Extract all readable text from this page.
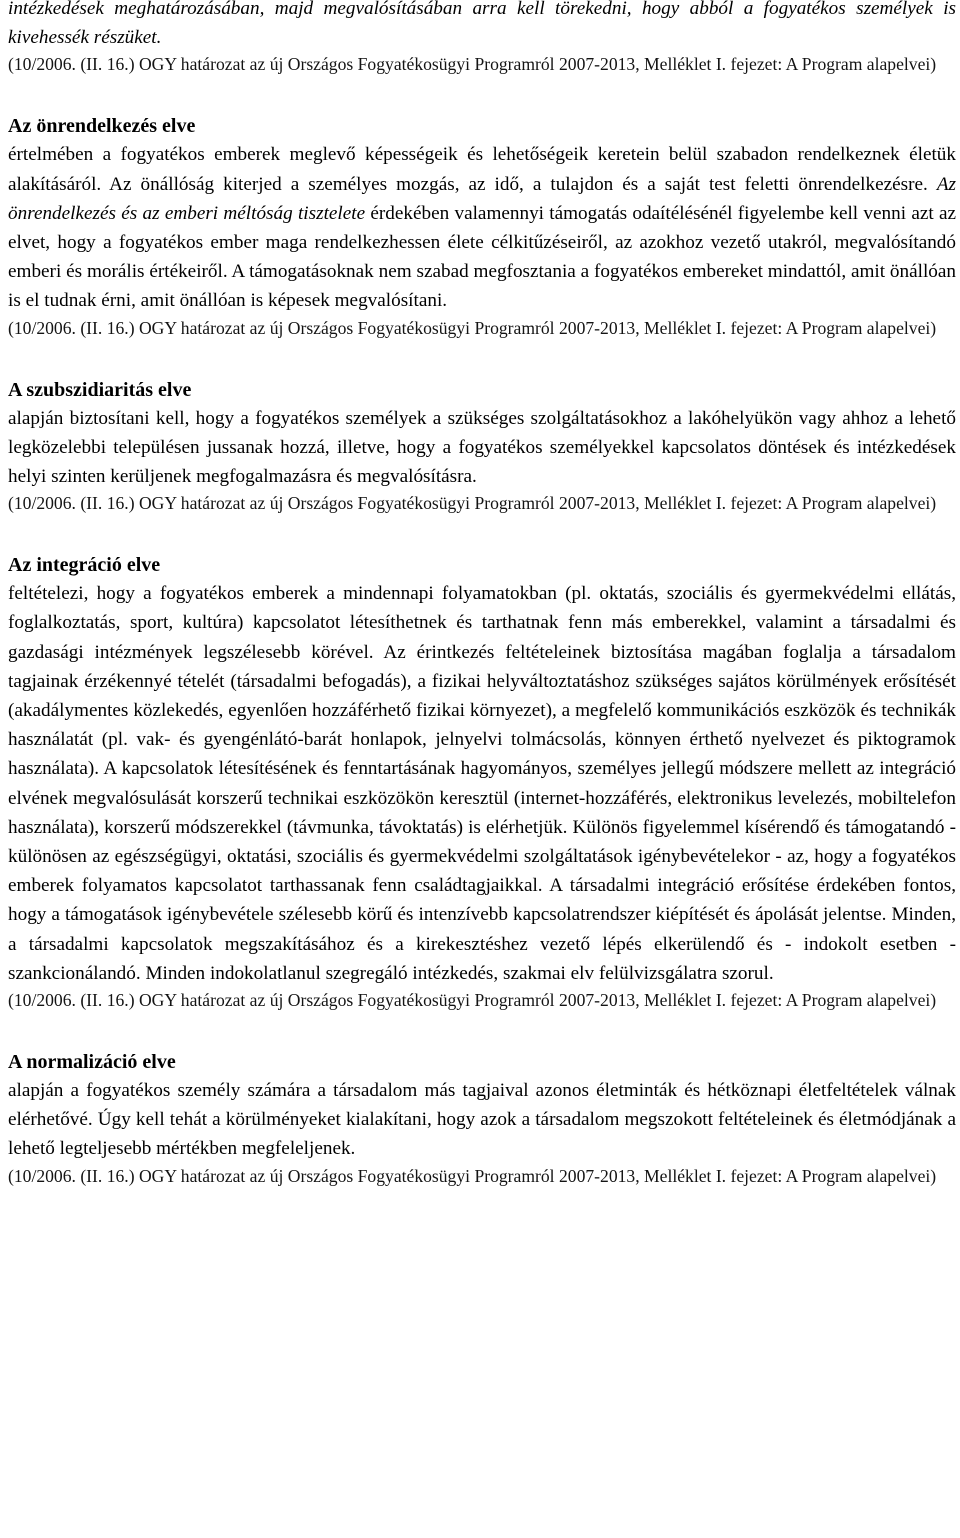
intézkedések meghatározásában, majd megvalósításában arra kell törekedni, hogy abból a fogyatékos személyek is kivehessék részüket.

(10/2006. (II. 16.) OGY határozat az új Országos Fogyatékosügyi Programról 2007-2013, Melléklet I. fejezet: A Program alapelvei)

Az önrendelkezés elve

értelmében a fogyatékos emberek meglevő képességeik és lehetőségeik keretein belül szabadon rendelkeznek életük alakításáról. Az önállóság kiterjed a személyes mozgás, az idő, a tulajdon és a saját test feletti önrendelkezésre. Az önrendelkezés és az emberi méltóság tisztelete érdekében valamennyi támogatás odaítélésénél figyelembe kell venni azt az elvet, hogy a fogyatékos ember maga rendelkezhessen élete célkitűzéseiről, az azokhoz vezető utakról, megvalósítandó emberi és morális értékeiről. A támogatásoknak nem szabad megfosztania a fogyatékos embereket mindattól, amit önállóan is el tudnak érni, amit önállóan is képesek megvalósítani.

(10/2006. (II. 16.) OGY határozat az új Országos Fogyatékosügyi Programról 2007-2013, Melléklet I. fejezet: A Program alapelvei)

A szubszidiaritás elve

alapján biztosítani kell, hogy a fogyatékos személyek a szükséges szolgáltatásokhoz a lakóhelyükön vagy ahhoz a lehető legközelebbi településen jussanak hozzá, illetve, hogy a fogyatékos személyekkel kapcsolatos döntések és intézkedések helyi szinten kerüljenek megfogalmazásra és megvalósításra.

(10/2006. (II. 16.) OGY határozat az új Országos Fogyatékosügyi Programról 2007-2013, Melléklet I. fejezet: A Program alapelvei)

Az integráció elve

feltételezi, hogy a fogyatékos emberek a mindennapi folyamatokban (pl. oktatás, szociális és gyermekvédelmi ellátás, foglalkoztatás, sport, kultúra) kapcsolatot létesíthetnek és tarthatnak fenn más emberekkel, valamint a társadalmi és gazdasági intézmények legszélesebb körével. Az érintkezés feltételeinek biztosítása magában foglalja a társadalom tagjainak érzékennyé tételét (társadalmi befogadás), a fizikai helyváltoztatáshoz szükséges sajátos körülmények erősítését (akadálymentes közlekedés, egyenlően hozzáférhető fizikai környezet), a megfelelő kommunikációs eszközök és technikák használatát (pl. vak- és gyengénlátó-barát honlapok, jelnyelvi tolmácsolás, könnyen érthető nyelvezet és piktogramok használata). A kapcsolatok létesítésének és fenntartásának hagyományos, személyes jellegű módszere mellett az integráció elvének megvalósulását korszerű technikai eszközökön keresztül (internet-hozzáférés, elektronikus levelezés, mobiltelefon használata), korszerű módszerekkel (távmunka, távoktatás) is elérhetjük. Különös figyelemmel kísérendő és támogatandó - különösen az egészségügyi, oktatási, szociális és gyermekvédelmi szolgáltatások igénybevételekor - az, hogy a fogyatékos emberek folyamatos kapcsolatot tarthassanak fenn családtagjaikkal. A társadalmi integráció erősítése érdekében fontos, hogy a támogatások igénybevétele szélesebb körű és intenzívebb kapcsolatrendszer kiépítését és ápolását jelentse. Minden, a társadalmi kapcsolatok megszakításához és a kirekesztéshez vezető lépés elkerülendő és - indokolt esetben - szankcionálandó. Minden indokolatlanul szegregáló intézkedés, szakmai elv felülvizsgálatra szorul.

(10/2006. (II. 16.) OGY határozat az új Országos Fogyatékosügyi Programról 2007-2013, Melléklet I. fejezet: A Program alapelvei)

A normalizáció elve

alapján a fogyatékos személy számára a társadalom más tagjaival azonos életminták és hétköznapi életfeltételek válnak elérhetővé. Úgy kell tehát a körülményeket kialakítani, hogy azok a társadalom megszokott feltételeinek és életmódjának a lehető legteljesebb mértékben megfeleljenek.

(10/2006. (II. 16.) OGY határozat az új Országos Fogyatékosügyi Programról 2007-2013, Melléklet I. fejezet: A Program alapelvei)
